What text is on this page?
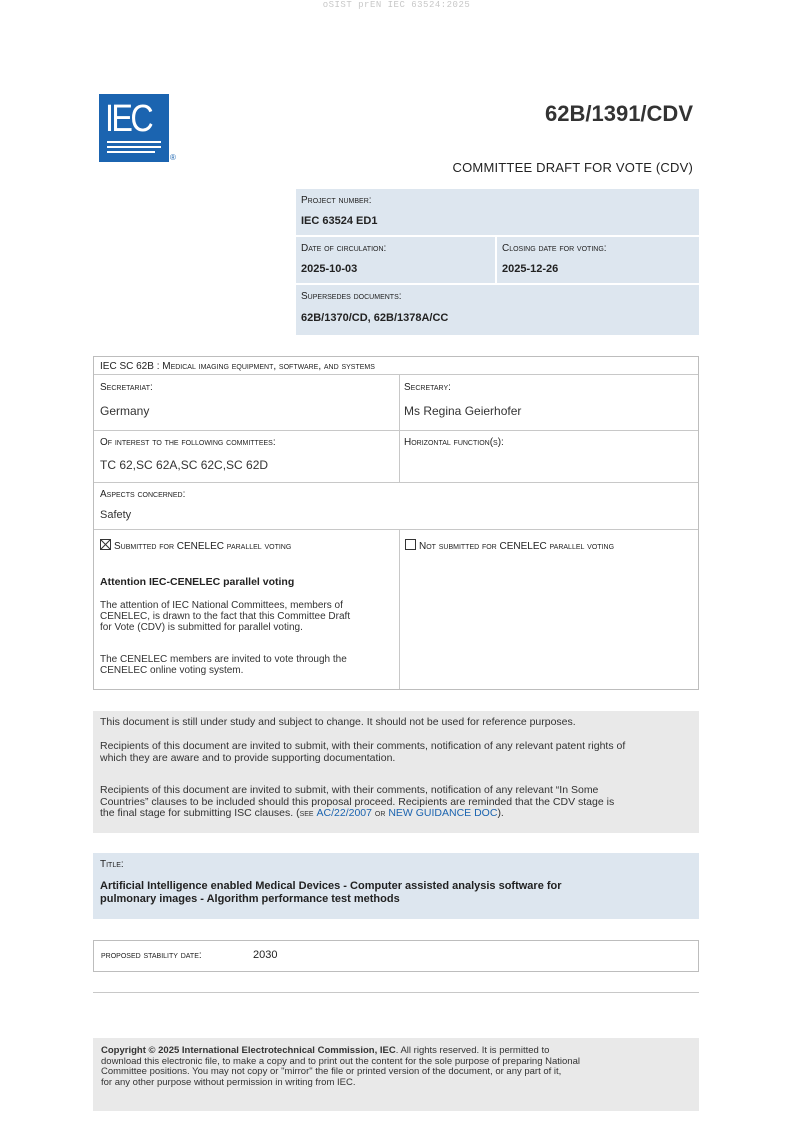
oSIST prEN IEC 63524:2025
IEC
®
62B/1391/CDV
COMMITTEE DRAFT FOR VOTE (CDV)
Project number:
IEC 63524 ED1
Date of circulation:
2025-10-03
Closing date for voting:
2025-12-26
Supersedes documents:
62B/1370/CD, 62B/1378A/CC
IEC SC 62B : Medical imaging equipment, software, and systems
Secretariat:
Germany
Secretary:
Ms Regina Geierhofer
Of interest to the following committees:
TC 62,SC 62A,SC 62C,SC 62D
Horizontal function(s):
Aspects concerned:
Safety
Submitted for CENELEC parallel voting	Not submitted for CENELEC parallel voting
Attention IEC-CENELEC parallel voting
The attention of IEC National Committees, members of
CENELEC, is drawn to the fact that this Committee Draft
for Vote (CDV) is submitted for parallel voting.
The CENELEC members are invited to vote through the
CENELEC online voting system.
This document is still under study and subject to change. It should not be used for reference purposes.
Recipients of this document are invited to submit, with their comments, notification of any relevant patent rights of
which they are aware and to provide supporting documentation.
Recipients of this document are invited to submit, with their comments, notification of any relevant “In Some
Countries” clauses to be included should this proposal proceed. Recipients are reminded that the CDV stage is
the final stage for submitting ISC clauses. (see AC/22/2007 or NEW GUIDANCE DOC).
Title:
Artificial Intelligence enabled Medical Devices - Computer assisted analysis software for
pulmonary images - Algorithm performance test methods
proposed stability date:	2030
Copyright © 2025 International Electrotechnical Commission, IEC. All rights reserved. It is permitted to
download this electronic file, to make a copy and to print out the content for the sole purpose of preparing National
Committee positions. You may not copy or "mirror" the file or printed version of the document, or any part of it,
for any other purpose without permission in writing from IEC.
